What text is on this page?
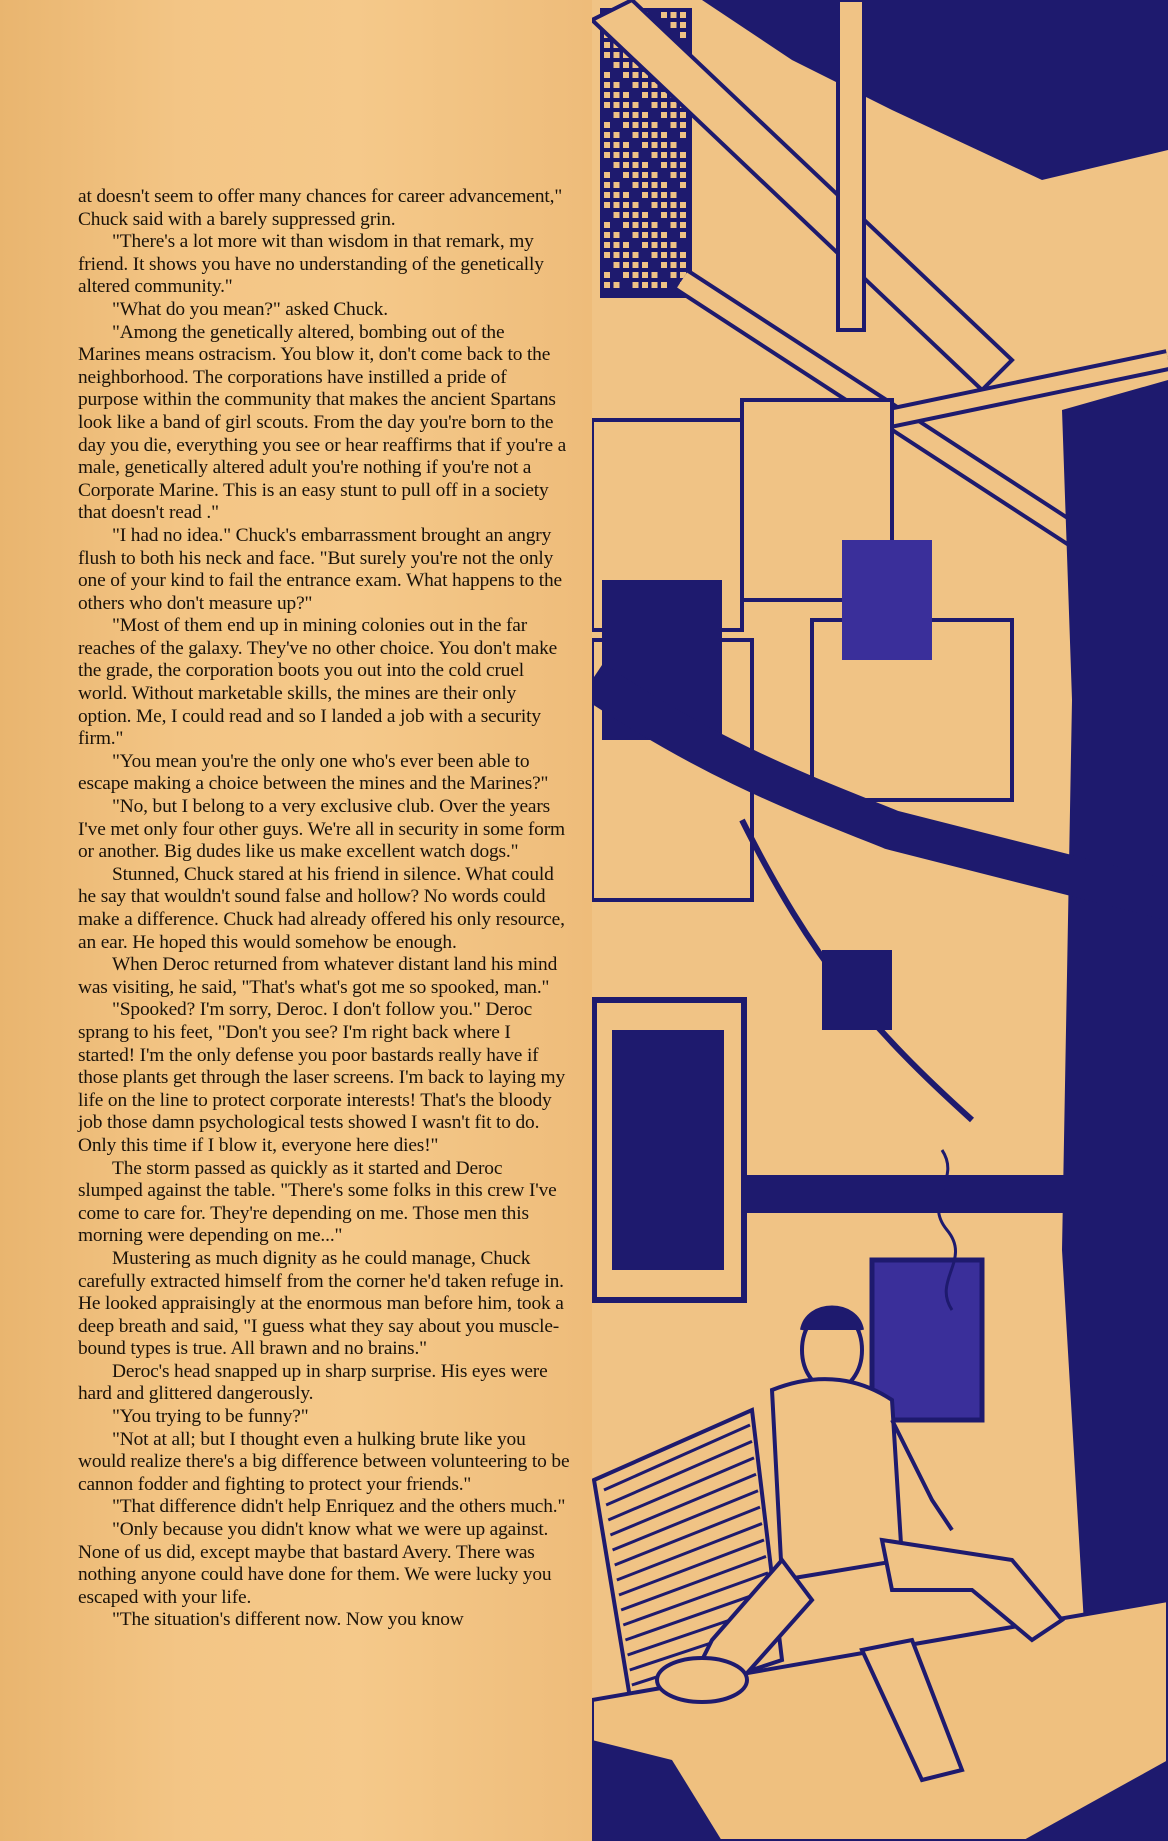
at doesn't seem to offer many chances for career advancement," Chuck said with a barely suppressed grin.

"There's a lot more wit than wisdom in that remark, my friend. It shows you have no understanding of the genetically altered community."

"What do you mean?" asked Chuck.

"Among the genetically altered, bombing out of the Marines means ostracism. You blow it, don't come back to the neighborhood. The corporations have instilled a pride of purpose within the community that makes the ancient Spartans look like a band of girl scouts. From the day you're born to the day you die, everything you see or hear reaffirms that if you're a male, genetically altered adult you're nothing if you're not a Corporate Marine. This is an easy stunt to pull off in a society that doesn't read ."

"I had no idea." Chuck's embarrassment brought an angry flush to both his neck and face. "But surely you're not the only one of your kind to fail the entrance exam. What happens to the others who don't measure up?"

"Most of them end up in mining colonies out in the far reaches of the galaxy. They've no other choice. You don't make the grade, the corporation boots you out into the cold cruel world. Without marketable skills, the mines are their only option. Me, I could read and so I landed a job with a security firm."

"You mean you're the only one who's ever been able to escape making a choice between the mines and the Marines?"

"No, but I belong to a very exclusive club. Over the years I've met only four other guys. We're all in security in some form or another. Big dudes like us make excellent watch dogs."

Stunned, Chuck stared at his friend in silence. What could he say that wouldn't sound false and hollow? No words could make a difference. Chuck had already offered his only resource, an ear. He hoped this would somehow be enough.

When Deroc returned from whatever distant land his mind was visiting, he said, "That's what's got me so spooked, man."

"Spooked? I'm sorry, Deroc. I don't follow you." Deroc sprang to his feet, "Don't you see? I'm right back where I started! I'm the only defense you poor bastards really have if those plants get through the laser screens. I'm back to laying my life on the line to protect corporate interests! That's the bloody job those damn psychological tests showed I wasn't fit to do. Only this time if I blow it, everyone here dies!"

The storm passed as quickly as it started and Deroc slumped against the table. "There's some folks in this crew I've come to care for. They're depending on me. Those men this morning were depending on me..."

Mustering as much dignity as he could manage, Chuck carefully extracted himself from the corner he'd taken refuge in. He looked appraisingly at the enormous man before him, took a deep breath and said, "I guess what they say about you muscle-bound types is true. All brawn and no brains."

Deroc's head snapped up in sharp surprise. His eyes were hard and glittered dangerously.

"You trying to be funny?"

"Not at all; but I thought even a hulking brute like you would realize there's a big difference between volunteering to be cannon fodder and fighting to protect your friends."

"That difference didn't help Enriquez and the others much."

"Only because you didn't know what we were up against. None of us did, except maybe that bastard Avery. There was nothing anyone could have done for them. We were lucky you escaped with your life.

"The situation's different now. Now you know
